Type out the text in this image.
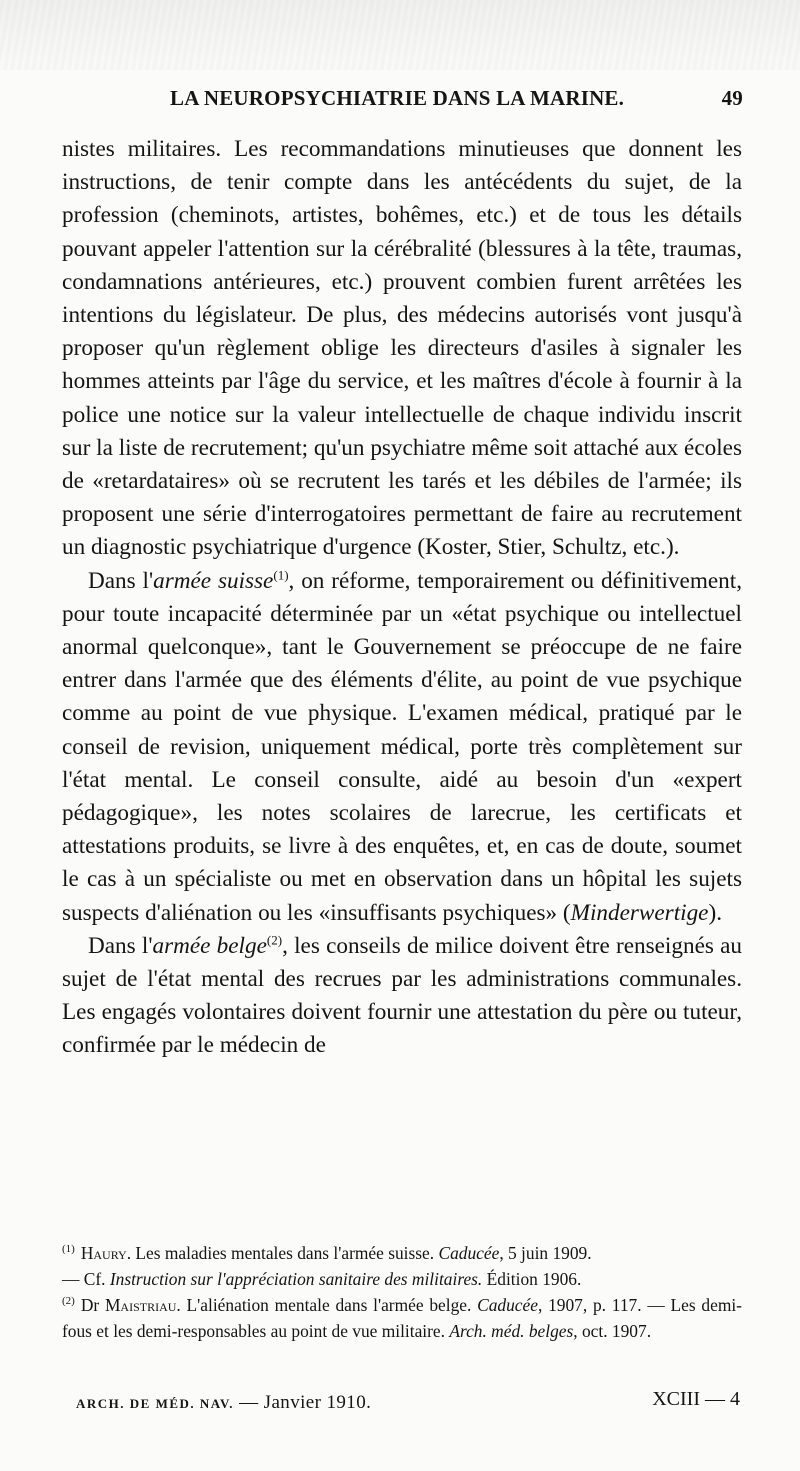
LA NEUROPSYCHIATRIE DANS LA MARINE.	49

nistes militaires. Les recommandations minutieuses que donnent les instructions, de tenir compte dans les antécédents du sujet, de la profession (cheminots, artistes, bohêmes, etc.) et de tous les détails pouvant appeler l'attention sur la cérébralité (blessures à la tête, traumas, condamnations antérieures, etc.) prouvent combien furent arrêtées les intentions du législateur. De plus, des médecins autorisés vont jusqu'à proposer qu'un règlement oblige les directeurs d'asiles à signaler les hommes atteints par l'âge du service, et les maîtres d'école à fournir à la police une notice sur la valeur intellectuelle de chaque individu inscrit sur la liste de recrutement; qu'un psychiatre même soit attaché aux écoles de «retardataires» où se recrutent les tarés et les débiles de l'armée; ils proposent une série d'interrogatoires permettant de faire au recrutement un diagnostic psychiatrique d'urgence (Koster, Stier, Schultz, etc.).

Dans l'armée suisse$^{(1)}$, on réforme, temporairement ou définitivement, pour toute incapacité déterminée par un «état psychique ou intellectuel anormal quelconque», tant le Gouvernement se préoccupe de ne faire entrer dans l'armée que des éléments d'élite, au point de vue psychique comme au point de vue physique. L'examen médical, pratiqué par le conseil de revision, uniquement médical, porte très complètement sur l'état mental. Le conseil consulte, aidé au besoin d'un «expert pédagogique», les notes scolaires de larecrue, les certificats et attestations produits, se livre à des enquêtes, et, en cas de doute, soumet le cas à un spécialiste ou met en observation dans un hôpital les sujets suspects d'aliénation ou les «insuffisants psychiques» (Minderwertige).

Dans l'armée belge$^{(2)}$, les conseils de milice doivent être renseignés au sujet de l'état mental des recrues par les administrations communales. Les engagés volontaires doivent fournir une attestation du père ou tuteur, confirmée par le médecin de

$^{(1)}$ Haury. Les maladies mentales dans l'armée suisse. Caducée, 5 juin 1909.

— Cf. Instruction sur l'appréciation sanitaire des militaires. Édition 1906.

$^{(2)}$ Dr Maistriau. L'aliénation mentale dans l'armée belge. Caducée, 1907, p. 117. — Les demi-fous et les demi-responsables au point de vue militaire. Arch. méd. belges, oct. 1907.

ARCH. DE MÉD. NAV. — Janvier 1910.	XCIII — 4
